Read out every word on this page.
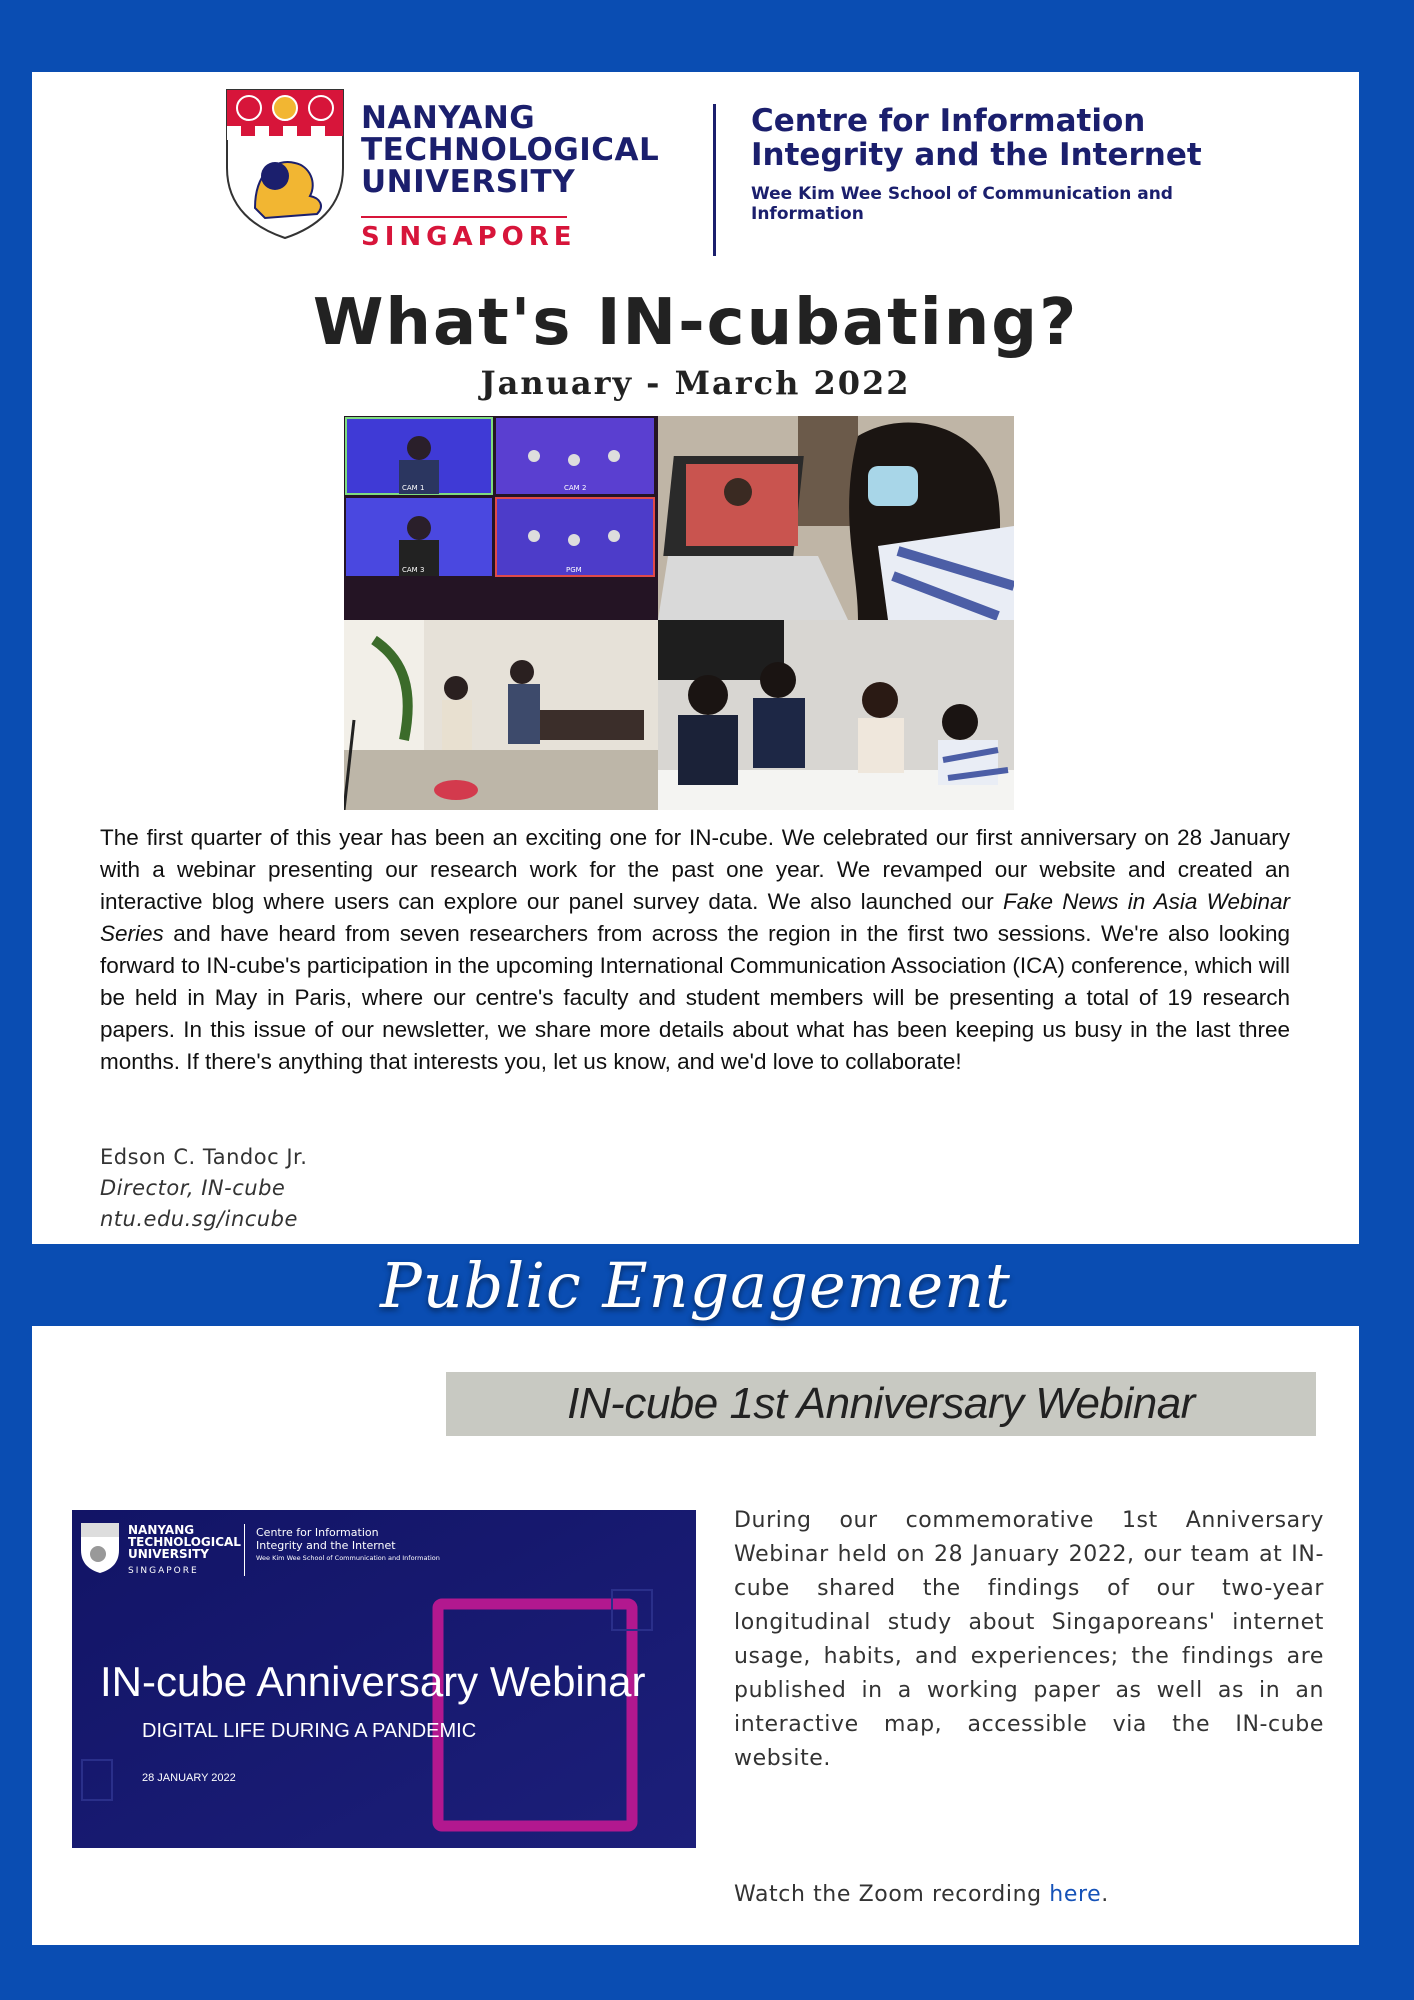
NANYANG
TECHNOLOGICAL
UNIVERSITY
SINGAPORE
Centre for Information
Integrity and the Internet
Wee Kim Wee School of Communication and Information
What's IN-cubating?
January - March 2022
CAM 1	CAM 2
CAM 3	PGM

The first quarter of this year has been an exciting one for IN-cube. We celebrated our first anniversary on 28 January with a webinar presenting our research work for the past one year. We revamped our website and created an interactive blog where users can explore our panel survey data. We also launched our Fake News in Asia Webinar Series and have heard from seven researchers from across the region in the first two sessions. We're also looking forward to IN-cube's participation in the upcoming International Communication Association (ICA) conference, which will be held in May in Paris, where our centre's faculty and student members will be presenting a total of 19 research papers. In this issue of our newsletter, we share more details about what has been keeping us busy in the last three months. If there's anything that interests you, let us know, and we'd love to collaborate!

Edson C. Tandoc Jr.
Director, IN-cube
ntu.edu.sg/incube
Public Engagement
IN-cube 1st Anniversary Webinar
NANYANG
TECHNOLOGICAL
UNIVERSITY
SINGAPORE
Centre for Information
Integrity and the Internet
Wee Kim Wee School of Communication and Information
IN-cube Anniversary Webinar
DIGITAL LIFE DURING A PANDEMIC
28 JANUARY 2022

During our commemorative 1st Anniversary Webinar held on 28 January 2022, our team at IN-cube shared the findings of our two-year longitudinal study about Singaporeans' internet usage, habits, and experiences; the findings are published in a working paper as well as in an interactive map, accessible via the IN-cube website.

Watch the Zoom recording here.
